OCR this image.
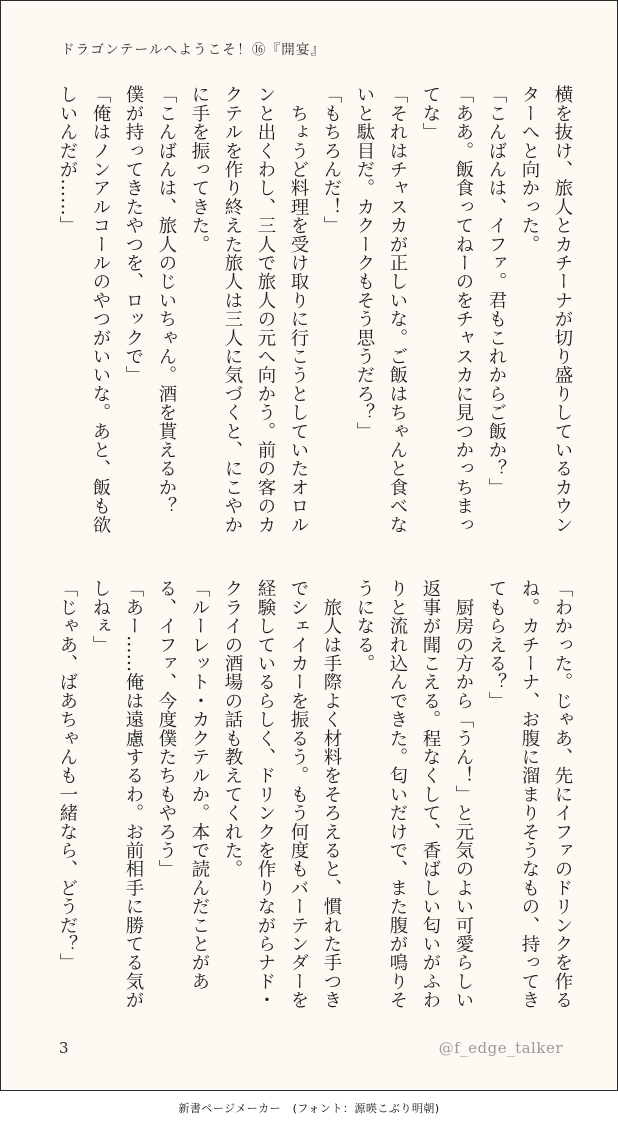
ドラゴンテールへようこそ！⑯『開宴』
横を抜け、旅人とカチーナが切り盛りしているカウンターへと向かった。
「こんばんは、イファ。君もこれからご飯か？」
「ああ。飯食ってねーのをチャスカに見つかっちまってな」
「それはチャスカが正しいな。ご飯はちゃんと食べないと駄目だ。カクークもそう思うだろ？」
「もちろんだ！」
　ちょうど料理を受け取りに行こうとしていたオロルンと出くわし、三人で旅人の元へ向かう。前の客のカクテルを作り終えた旅人は三人に気づくと、にこやかに手を振ってきた。
「こんばんは、旅人のじいちゃん。酒を貰えるか？　僕が持ってきたやつを、ロックで」
「俺はノンアルコールのやつがいいな。あと、飯も欲しいんだが……」
「わかった。じゃあ、先にイファのドリンクを作るね。カチーナ、お腹に溜まりそうなもの、持ってきてもらえる？」
　厨房の方から「うん！」と元気のよい可愛らしい返事が聞こえる。程なくして、香ばしい匂いがふわりと流れ込んできた。匂いだけで、また腹が鳴りそうになる。
　旅人は手際よく材料をそろえると、慣れた手つきでシェイカーを振るう。もう何度もバーテンダーを経験しているらしく、ドリンクを作りながらナド・クライの酒場の話も教えてくれた。
「ルーレット・カクテルか。本で読んだことがある、イファ、今度僕たちもやろう」
「あー……俺は遠慮するわ。お前相手に勝てる気がしねぇ」
「じゃあ、ばあちゃんも一緒なら、どうだ？」
3	@f_edge_talker
新書ページメーカー　(フォント：源暎こぶり明朝)
